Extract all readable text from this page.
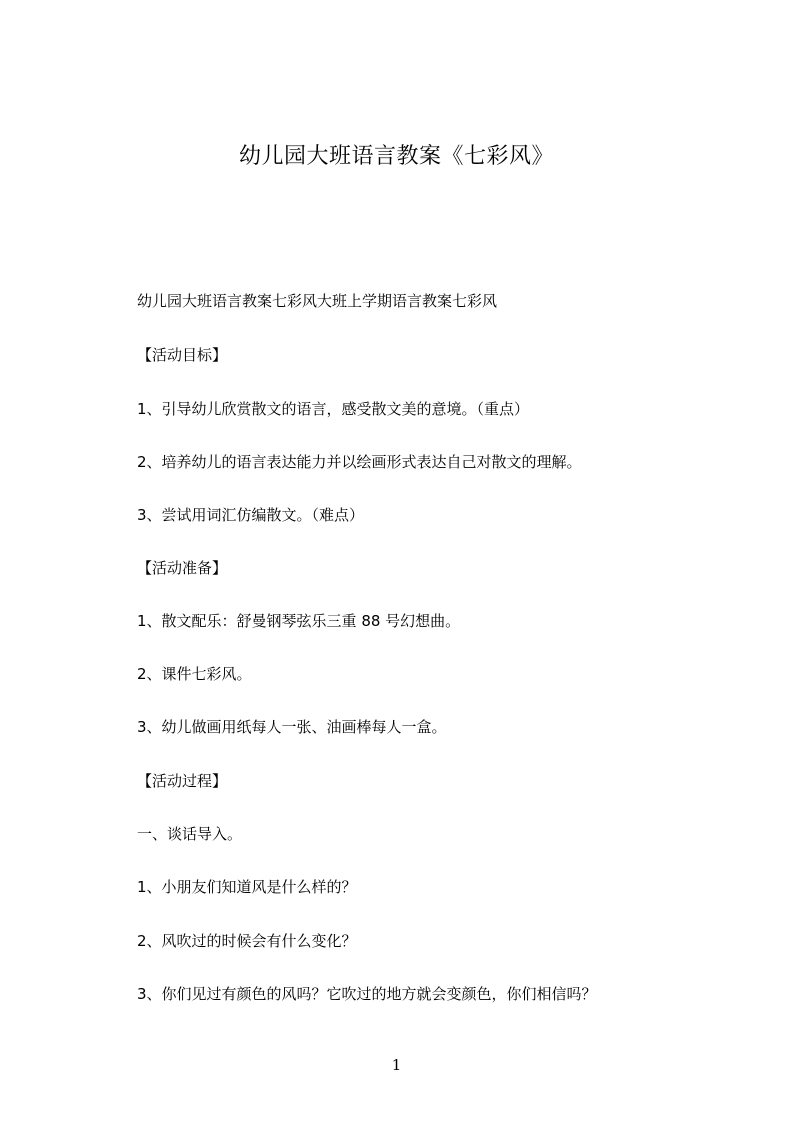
幼儿园大班语言教案《七彩风》
幼儿园大班语言教案七彩风大班上学期语言教案七彩风
【活动目标】
1、引导幼儿欣赏散文的语言，感受散文美的意境。（重点）
2、培养幼儿的语言表达能力并以绘画形式表达自己对散文的理解。
3、尝试用词汇仿编散文。（难点）
【活动准备】
1、散文配乐：舒曼钢琴弦乐三重 88 号幻想曲。
2、课件七彩风。
3、幼儿做画用纸每人一张、油画棒每人一盒。
【活动过程】
一、谈话导入。
1、小朋友们知道风是什么样的？
2、风吹过的时候会有什么变化？
3、你们见过有颜色的风吗？它吹过的地方就会变颜色，你们相信吗？
1
